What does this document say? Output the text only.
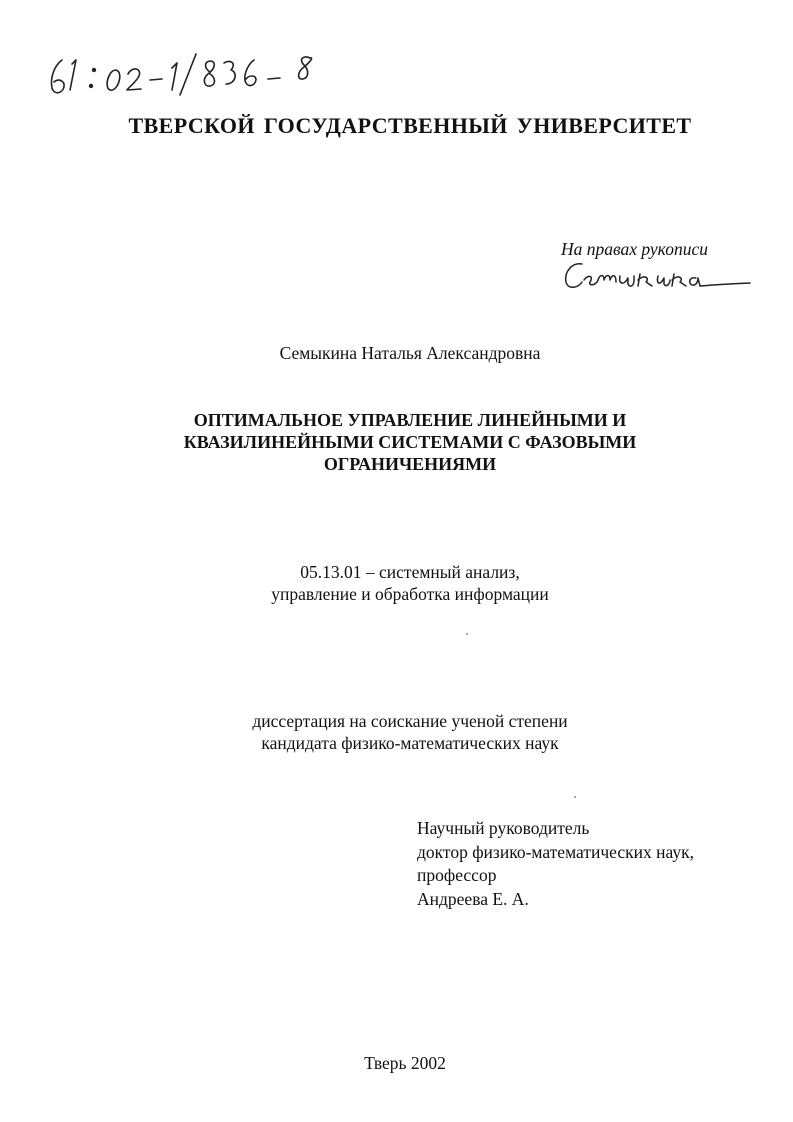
ТВЕРСКОЙ ГОСУДАРСТВЕННЫЙ УНИВЕРСИТЕТ
На правах рукописи
Семыкина Наталья Александровна
ОПТИМАЛЬНОЕ УПРАВЛЕНИЕ ЛИНЕЙНЫМИ И
КВАЗИЛИНЕЙНЫМИ СИСТЕМАМИ С ФАЗОВЫМИ
ОГРАНИЧЕНИЯМИ
05.13.01 – системный анализ,
управление и обработка информации
диссертация на соискание ученой степени
кандидата физико-математических наук
Научный руководитель
доктор физико-математических наук,
профессор
Андреева Е. А.
Тверь 2002
